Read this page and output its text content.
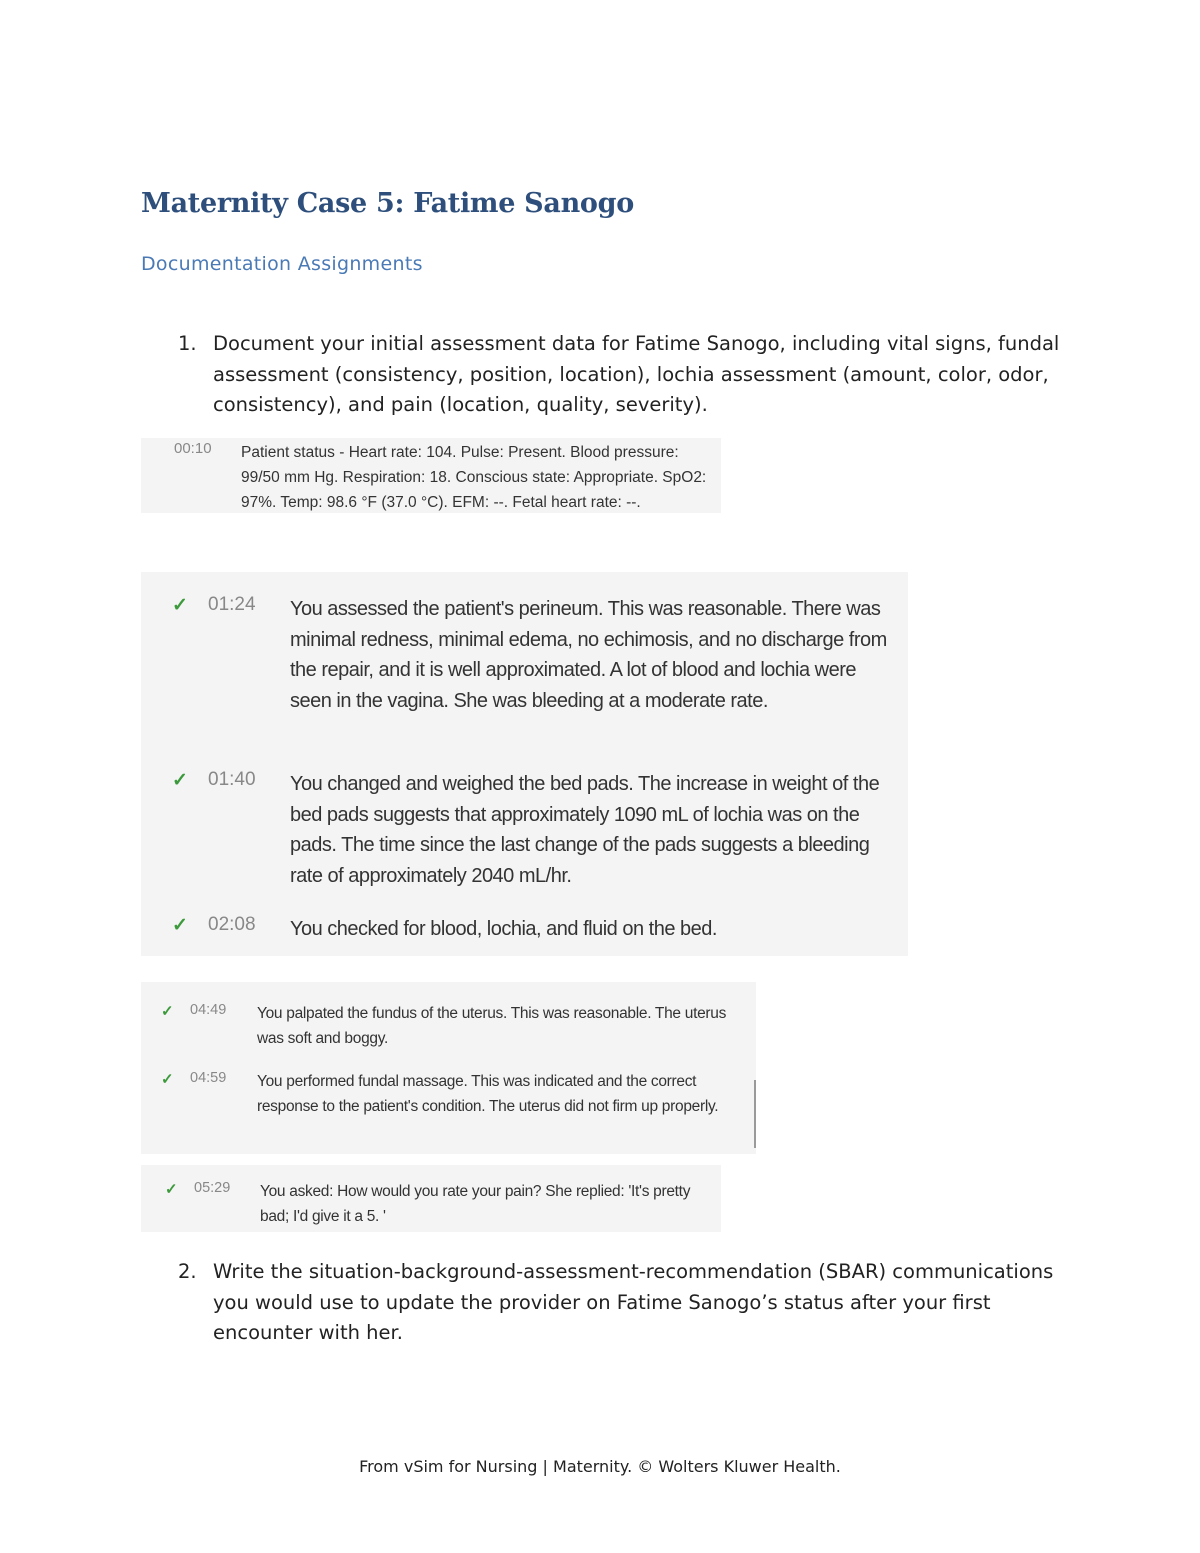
Maternity Case 5: Fatime Sanogo
Documentation Assignments
1. Document your initial assessment data for Fatime Sanogo, including vital signs, fundal assessment (consistency, position, location), lochia assessment (amount, color, odor, consistency), and pain (location, quality, severity).
00:10 Patient status - Heart rate: 104. Pulse: Present. Blood pressure: 99/50 mm Hg. Respiration: 18. Conscious state: Appropriate. SpO2: 97%. Temp: 98.6 °F (37.0 °C). EFM: --. Fetal heart rate: --.
✓ 01:24 You assessed the patient's perineum. This was reasonable. There was minimal redness, minimal edema, no echimosis, and no discharge from the repair, and it is well approximated. A lot of blood and lochia were seen in the vagina. She was bleeding at a moderate rate.
✓ 01:40 You changed and weighed the bed pads. The increase in weight of the bed pads suggests that approximately 1090 mL of lochia was on the pads. The time since the last change of the pads suggests a bleeding rate of approximately 2040 mL/hr.
✓ 02:08 You checked for blood, lochia, and fluid on the bed.
✓ 04:49 You palpated the fundus of the uterus. This was reasonable. The uterus was soft and boggy.
✓ 04:59 You performed fundal massage. This was indicated and the correct response to the patient's condition. The uterus did not firm up properly.
✓ 05:29 You asked: How would you rate your pain? She replied: 'It's pretty bad; I'd give it a 5. '
2. Write the situation-background-assessment-recommendation (SBAR) communications you would use to update the provider on Fatime Sanogo’s status after your first encounter with her.
From vSim for Nursing | Maternity. © Wolters Kluwer Health.
